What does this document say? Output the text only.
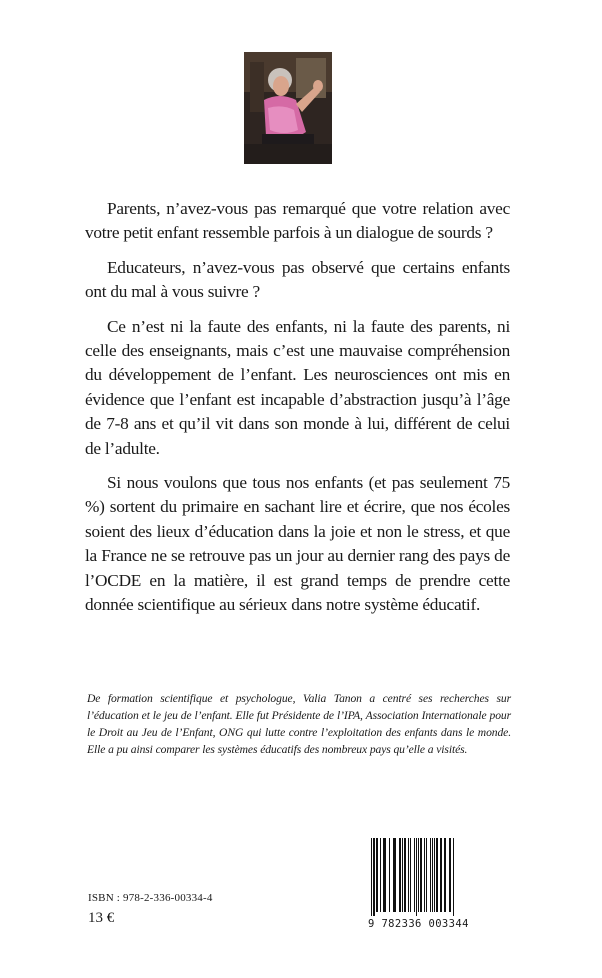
Parents, n’avez-vous pas remarqué que votre relation avec votre petit enfant ressemble parfois à un dialogue de sourds ?

Educateurs, n’avez-vous pas observé que certains enfants ont du mal à vous suivre ?

Ce n’est ni la faute des enfants, ni la faute des parents, ni celle des enseignants, mais c’est une mauvaise compréhension du développement de l’enfant. Les neurosciences ont mis en évidence que l’enfant est incapable d’abstraction jusqu’à l’âge de 7-8 ans et qu’il vit dans son monde à lui, différent de celui de l’adulte.

Si nous voulons que tous nos enfants (et pas seulement 75 %) sortent du primaire en sachant lire et écrire, que nos écoles soient des lieux d’éducation dans la joie et non le stress, et que la France ne se retrouve pas un jour au dernier rang des pays de l’OCDE en la matière, il est grand temps de prendre cette donnée scientifique au sérieux dans notre système éducatif.

De formation scientifique et psychologue, Valia Tanon a centré ses recherches sur l’éducation et le jeu de l’enfant. Elle fut Présidente de l’IPA, Association Internationale pour le Droit au Jeu de l’Enfant, ONG qui lutte contre l’exploitation des enfants dans le monde. Elle a pu ainsi comparer les systèmes éducatifs des nombreux pays qu’elle a visités.
ISBN : 978-2-336-00334-4
13 €	9 782336 003344
